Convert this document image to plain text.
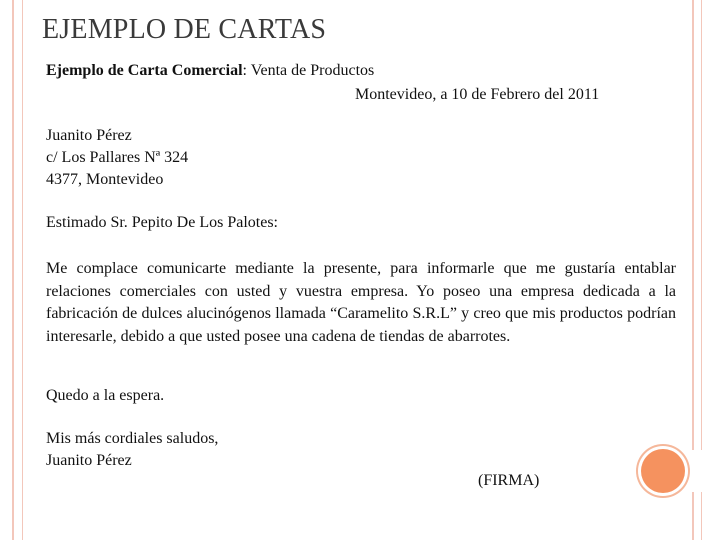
EJEMPLO DE CARTAS
Ejemplo de Carta Comercial: Venta de Productos
Montevideo, a 10 de Febrero del 2011
Juanito Pérez
c/ Los Pallares Nª 324
4377, Montevideo
Estimado Sr. Pepito De Los Palotes:
Me complace comunicarte mediante la presente, para informarle que me gustaría entablar relaciones comerciales con usted y vuestra empresa. Yo poseo una empresa dedicada a la fabricación de dulces alucinógenos llamada “Caramelito S.R.L” y creo que mis productos podrían interesarle, debido a que usted posee una cadena de tiendas de abarrotes.
Quedo a la espera.
Mis más cordiales saludos,
Juanito Pérez
(FIRMA)
